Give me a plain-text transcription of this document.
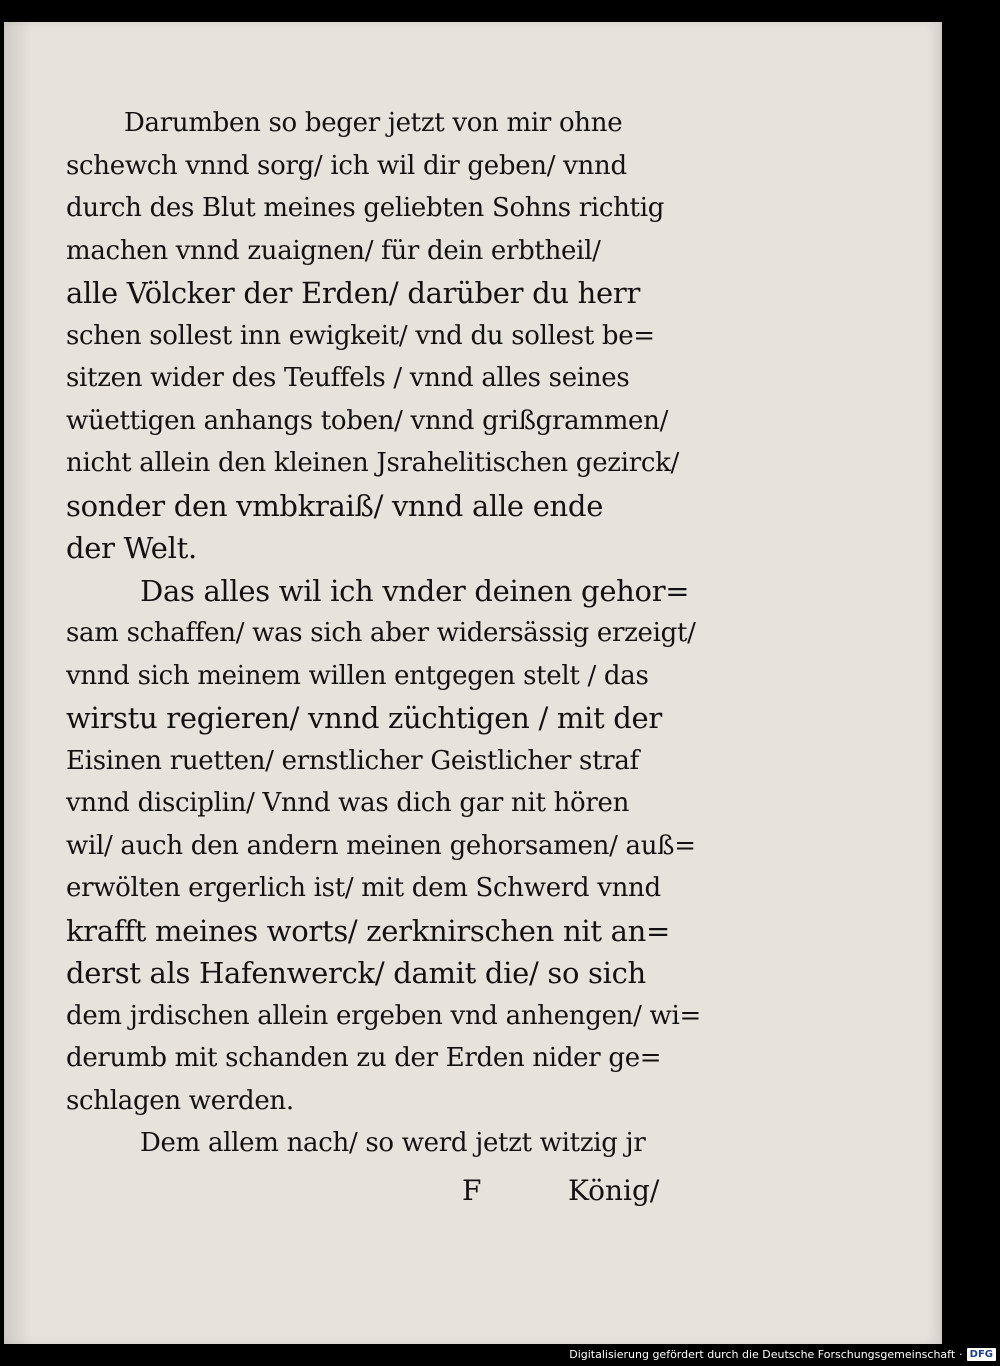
Darumben so beger jetzt von mir ohne
schewch vnnd sorg/ ich wil dir geben/ vnnd
durch des Blut meines geliebten Sohns richtig
machen vnnd zuaignen/ für dein erbtheil/
alle Völcker der Erden/ darüber du herr
schen sollest inn ewigkeit/ vnd du sollest be=
sitzen wider des Teuffels / vnnd alles seines
wüettigen anhangs toben/ vnnd grißgrammen/
nicht allein den kleinen Jsrahelitischen gezirck/
sonder den vmbkraiß/ vnnd alle ende
der Welt.
Das alles wil ich vnder deinen gehor=
sam schaffen/ was sich aber widersässig erzeigt/
vnnd sich meinem willen entgegen stelt / das
wirstu regieren/ vnnd züchtigen / mit der
Eisinen ruetten/ ernstlicher Geistlicher straf
vnnd disciplin/ Vnnd was dich gar nit hören
wil/ auch den andern meinen gehorsamen/ auß=
erwölten ergerlich ist/ mit dem Schwerd vnnd
krafft meines worts/ zerknirschen nit an=
derst als Hafenwerck/ damit die/ so sich
dem jrdischen allein ergeben vnd anhengen/ wi=
derumb mit schanden zu der Erden nider ge=
schlagen werden.
Dem allem nach/ so werd jetzt witzig jr
F	König/
Digitalisierung gefördert durch die Deutsche Forschungsgemeinschaft · DFG
